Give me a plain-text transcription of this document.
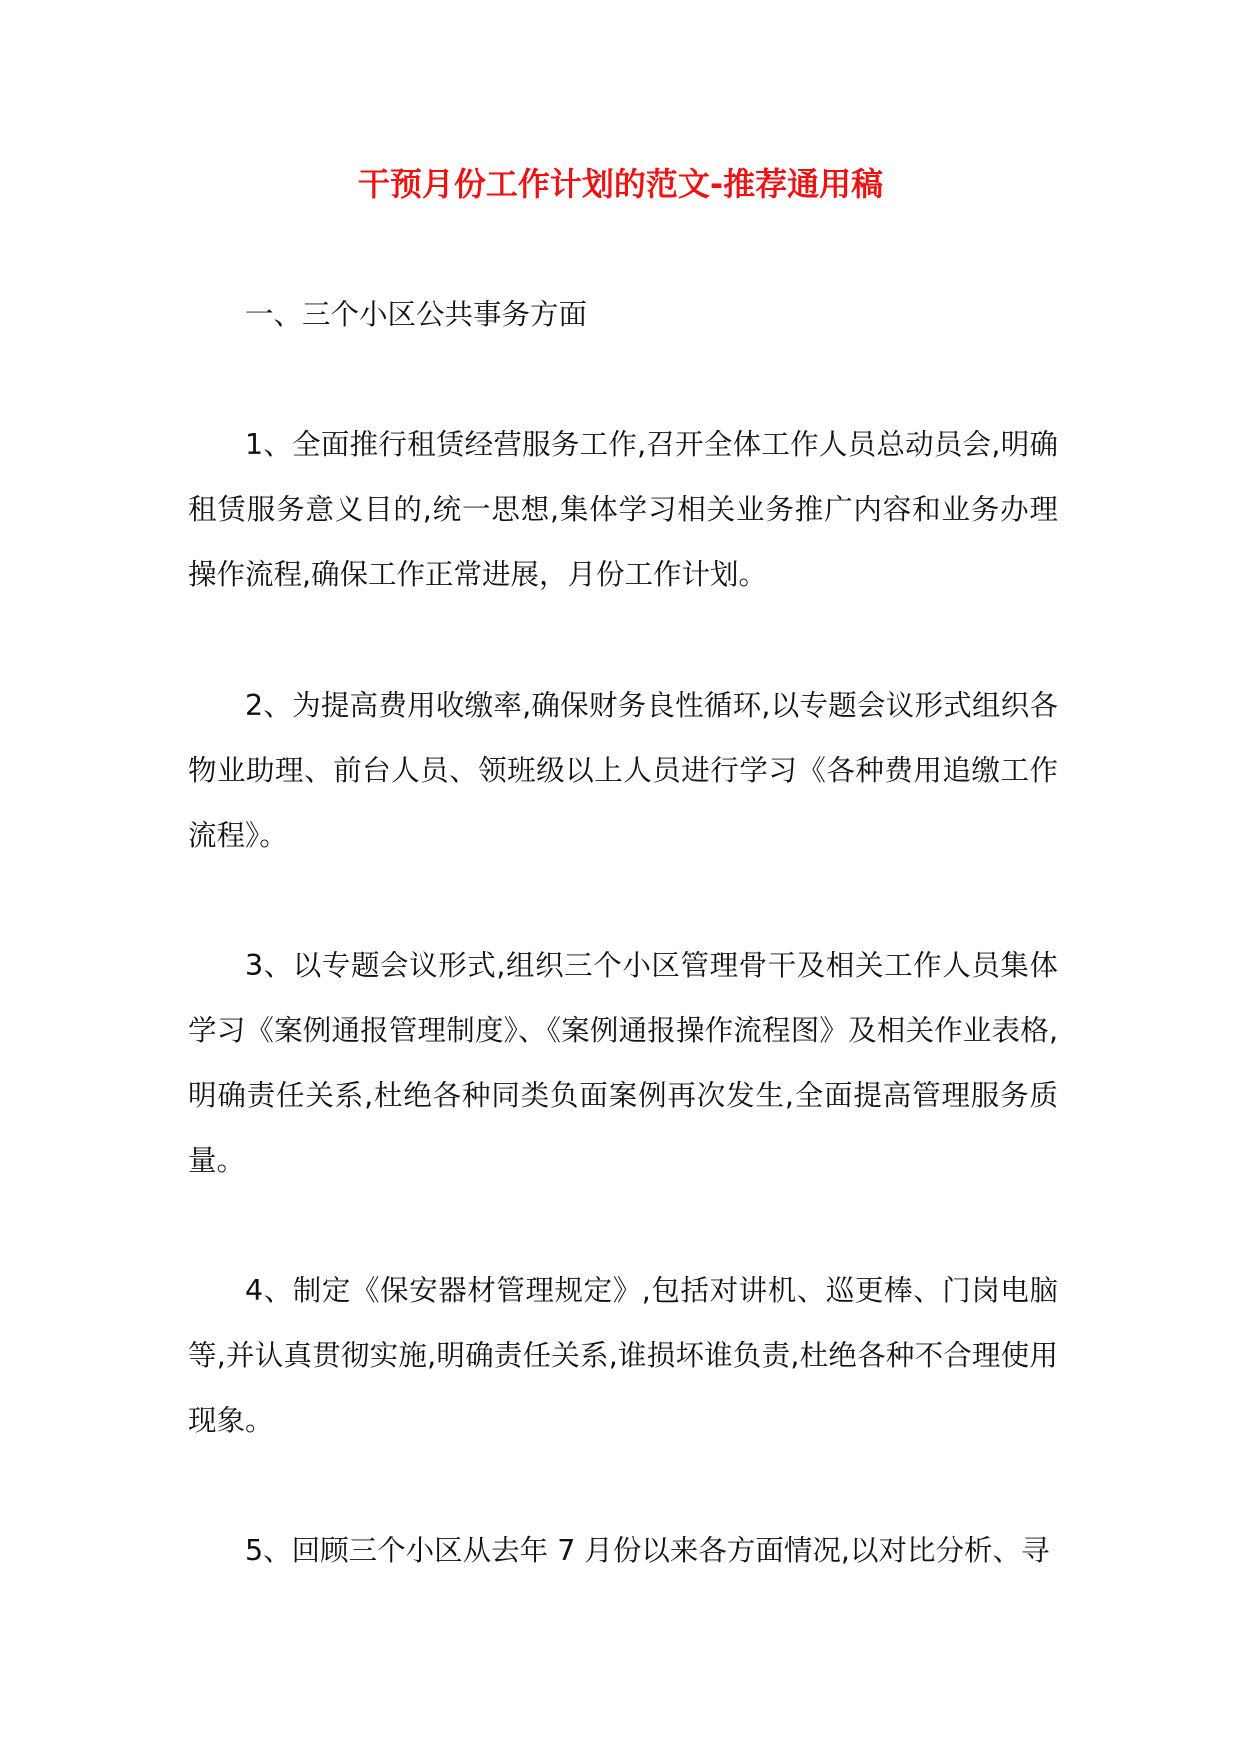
干预月份工作计划的范文-推荐通用稿

一、三个小区公共事务方面

1、全面推行租赁经营服务工作,召开全体工作人员总动员会,明确租赁服务意义目的,统一思想,集体学习相关业务推广内容和业务办理操作流程,确保工作正常进展，月份工作计划。

2、为提高费用收缴率,确保财务良性循环,以专题会议形式组织各物业助理、前台人员、领班级以上人员进行学习《各种费用追缴工作流程》。

3、以专题会议形式,组织三个小区管理骨干及相关工作人员集体学习《案例通报管理制度》、《案例通报操作流程图》及相关作业表格,明确责任关系,杜绝各种同类负面案例再次发生,全面提高管理服务质量。

4、制定《保安器材管理规定》,包括对讲机、巡更棒、门岗电脑等,并认真贯彻实施,明确责任关系,谁损坏谁负责,杜绝各种不合理使用现象。

5、回顾三个小区从去年 7 月份以来各方面情况,以对比分析、寻
